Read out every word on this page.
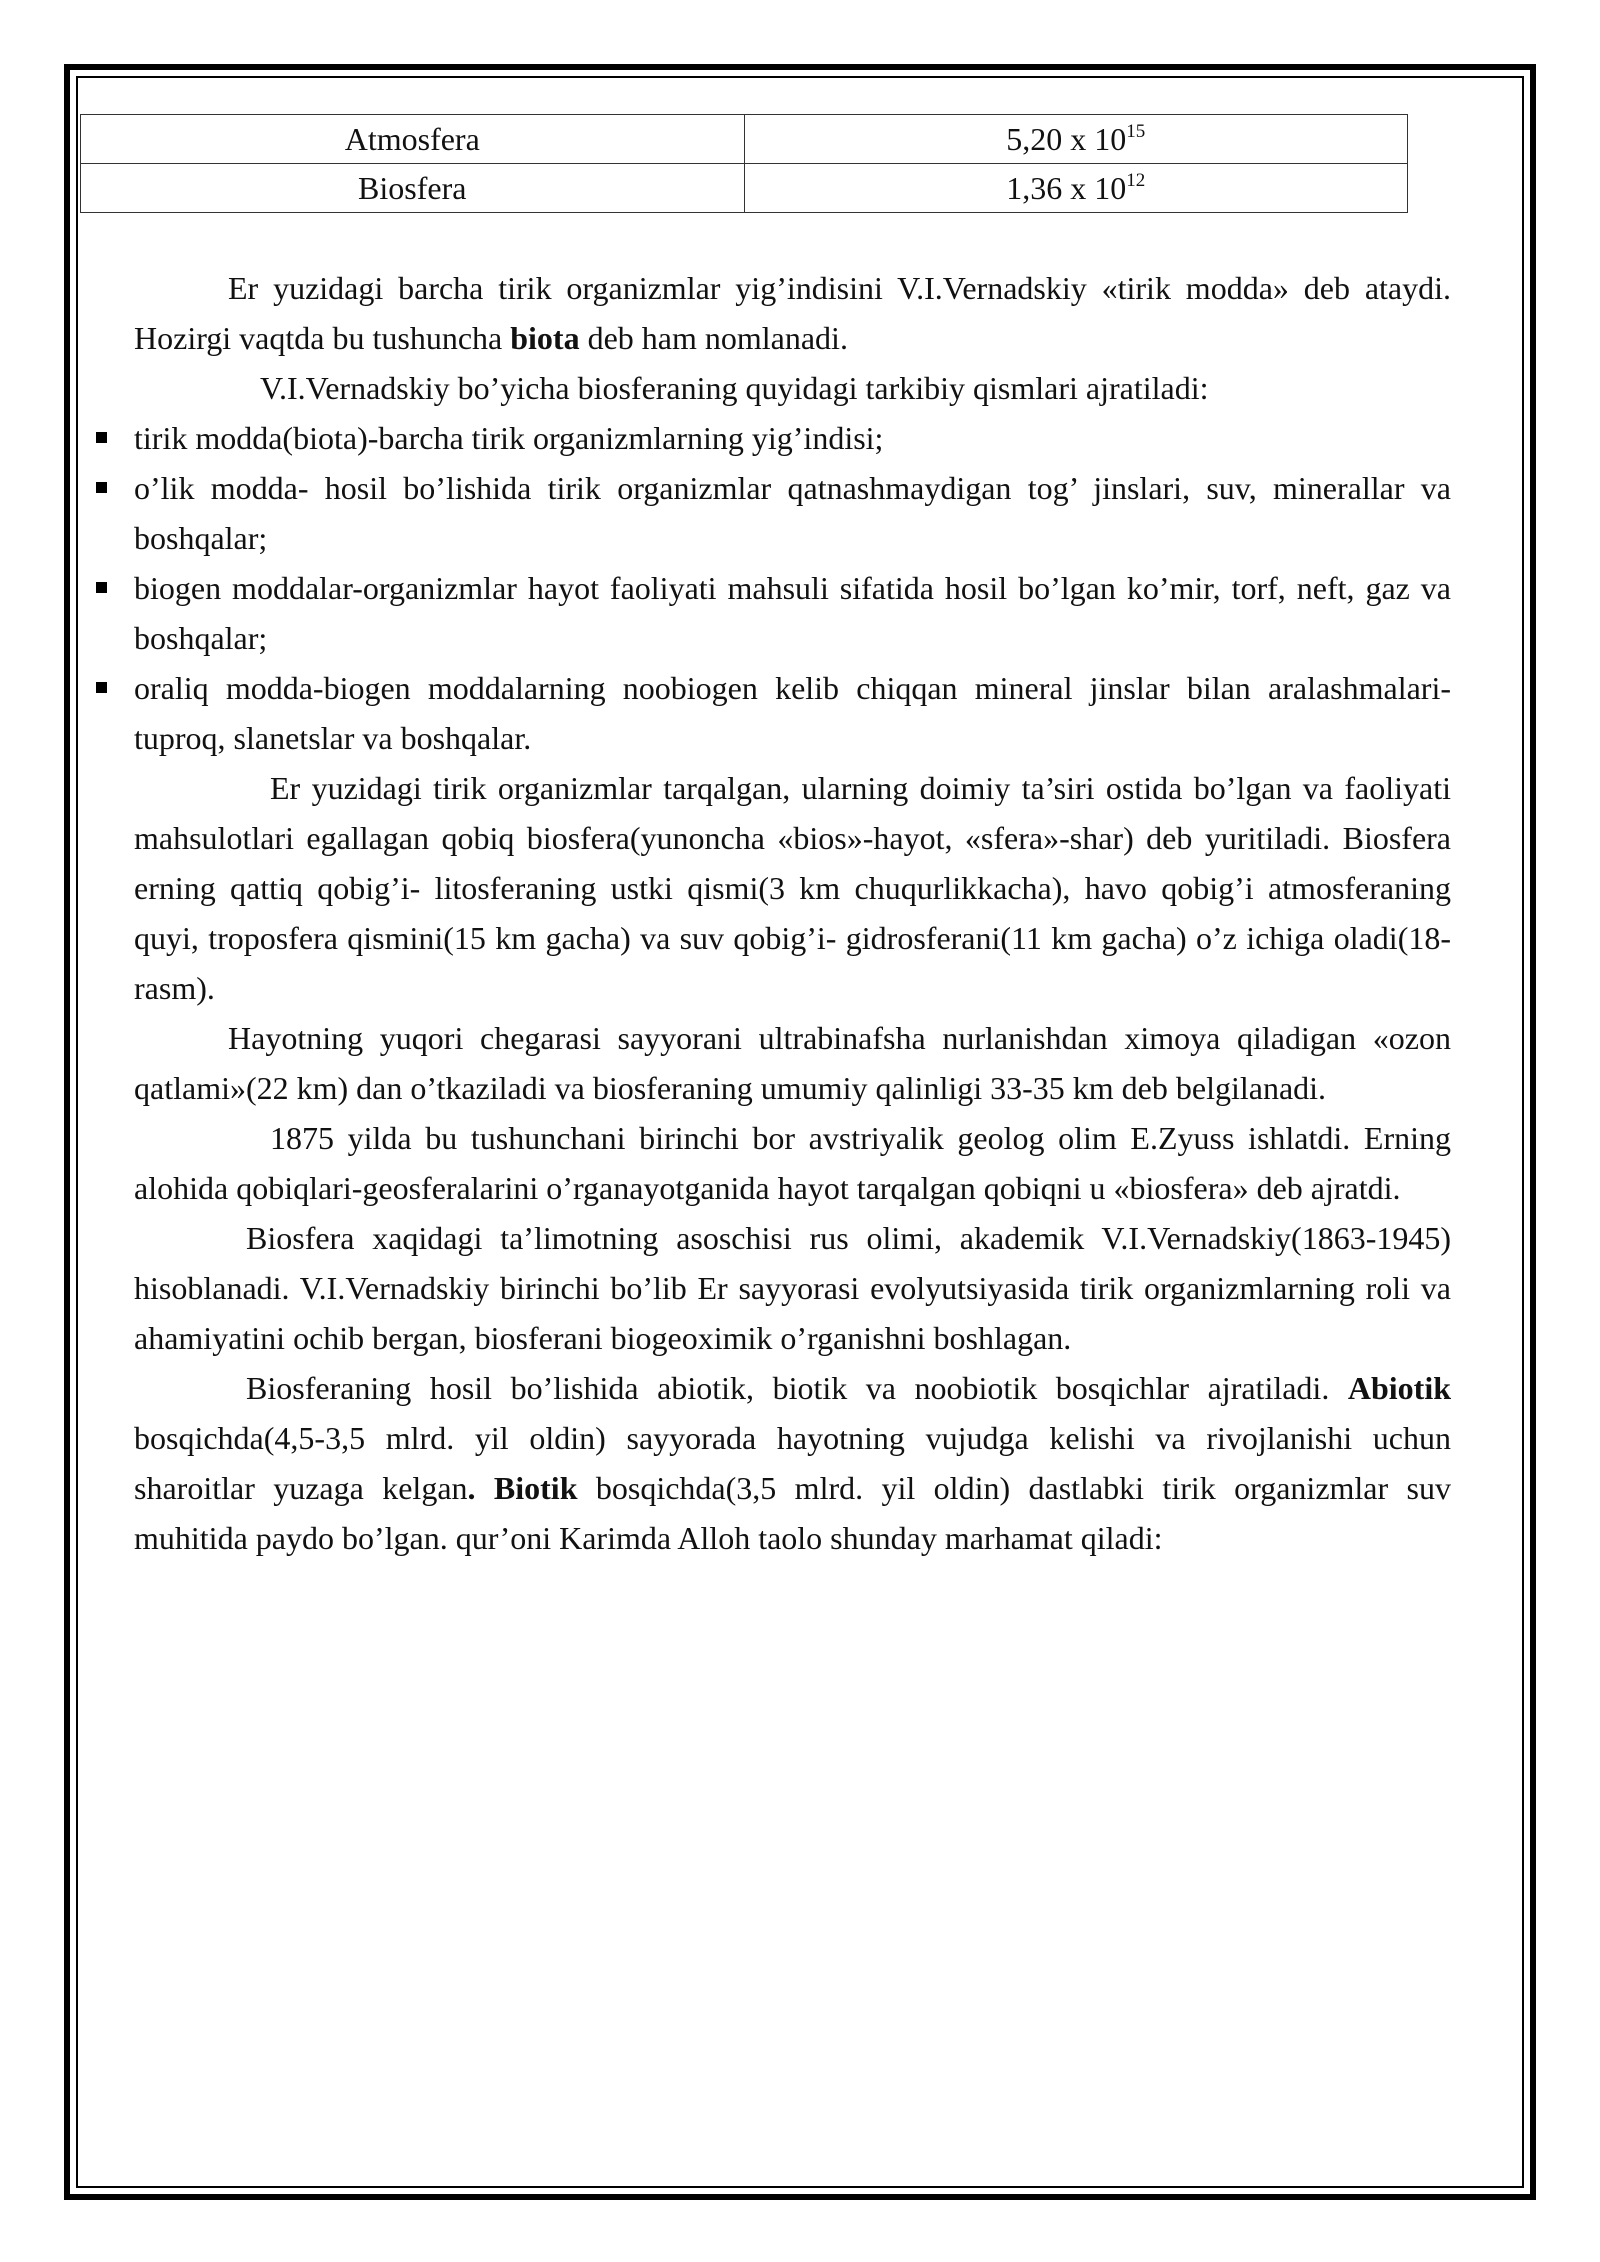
Atmosfera	5,20 x $10^{15}$
Biosfera	1,36 x $10^{12}$

Er yuzidagi barcha tirik organizmlar yig’indisini V.I.Vernadskiy «tirik modda» deb ataydi. Hozirgi vaqtda bu tushuncha biota deb ham nomlanadi.

V.I.Vernadskiy bo’yicha biosferaning quyidagi tarkibiy qismlari ajratiladi:

tirik modda(biota)-barcha tirik organizmlarning yig’indisi;
o’lik modda- hosil bo’lishida tirik organizmlar qatnashmaydigan tog’ jinslari, suv, minerallar va boshqalar;
biogen moddalar-organizmlar hayot faoliyati mahsuli sifatida hosil bo’lgan ko’mir, torf, neft, gaz va boshqalar;
oraliq modda-biogen moddalarning noobiogen kelib chiqqan mineral jinslar bilan aralashmalari-tuproq, slanetslar va boshqalar.

Er yuzidagi tirik organizmlar tarqalgan, ularning doimiy ta’siri ostida bo’lgan va faoliyati mahsulotlari egallagan qobiq biosfera(yunoncha «bios»-hayot, «sfera»-shar) deb yuritiladi. Biosfera erning qattiq qobig’i- litosferaning ustki qismi(3 km chuqurlikkacha), havo qobig’i atmosferaning quyi, troposfera qismini(15 km gacha) va suv qobig’i- gidrosferani(11 km gacha) o’z ichiga oladi(18-rasm).

Hayotning yuqori chegarasi sayyorani ultrabinafsha nurlanishdan ximoya qiladigan «ozon qatlami»(22 km) dan o’tkaziladi va biosferaning umumiy qalinligi 33-35 km deb belgilanadi.

1875 yilda bu tushunchani birinchi bor avstriyalik geolog olim E.Zyuss ishlatdi. Erning alohida qobiqlari-geosferalarini o’rganayotganida hayot tarqalgan qobiqni u «biosfera» deb ajratdi.

Biosfera xaqidagi ta’limotning asoschisi rus olimi, akademik V.I.Vernadskiy(1863-1945) hisoblanadi. V.I.Vernadskiy birinchi bo’lib Er sayyorasi evolyutsiyasida tirik organizmlarning roli va ahamiyatini ochib bergan, biosferani biogeoximik o’rganishni boshlagan.

Biosferaning hosil bo’lishida abiotik, biotik va noobiotik bosqichlar ajratiladi. Abiotik bosqichda(4,5-3,5 mlrd. yil oldin) sayyorada hayotning vujudga kelishi va rivojlanishi uchun sharoitlar yuzaga kelgan. Biotik bosqichda(3,5 mlrd. yil oldin) dastlabki tirik organizmlar suv muhitida paydo bo’lgan. qur’oni Karimda Alloh taolo shunday marhamat qiladi:
